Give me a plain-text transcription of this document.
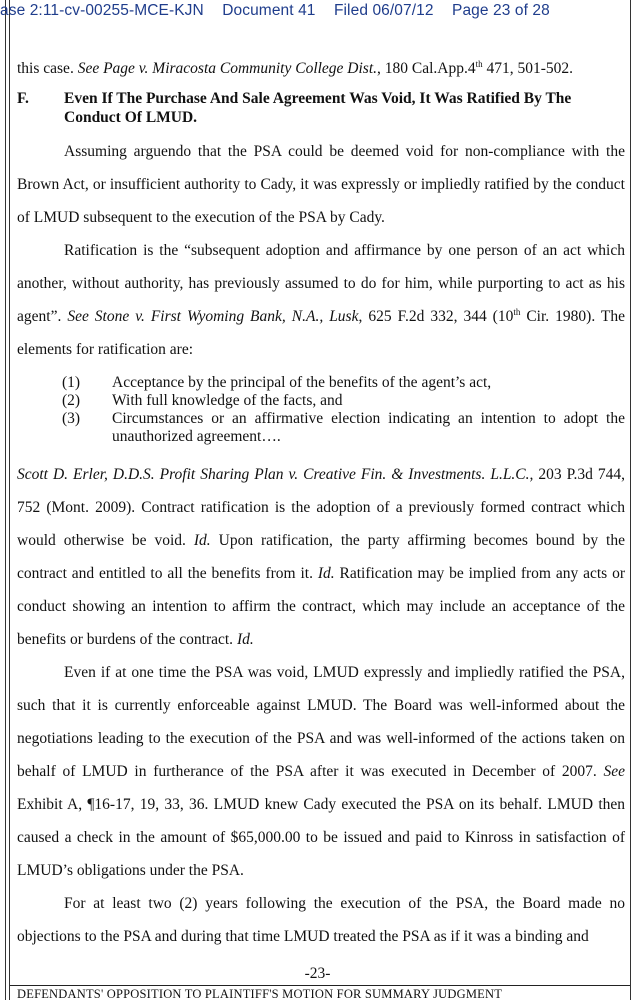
ase 2:11-cv-00255-MCE-KJN Document 41 Filed 06/07/12 Page 23 of 28

this case. See Page v. Miracosta Community College Dist., 180 Cal.App.4th 471, 501-502.

F.	Even If The Purchase And Sale Agreement Was Void, It Was Ratified By The Conduct Of LMUD.

Assuming arguendo that the PSA could be deemed void for non-compliance with the Brown Act, or insufficient authority to Cady, it was expressly or impliedly ratified by the conduct of LMUD subsequent to the execution of the PSA by Cady.

Ratification is the “subsequent adoption and affirmance by one person of an act which another, without authority, has previously assumed to do for him, while purporting to act as his agent”. See Stone v. First Wyoming Bank, N.A., Lusk, 625 F.2d 332, 344 (10th Cir. 1980). The elements for ratification are:

(1)	Acceptance by the principal of the benefits of the agent’s act,
(2)	With full knowledge of the facts, and
(3)	Circumstances or an affirmative election indicating an intention to adopt the unauthorized agreement….

Scott D. Erler, D.D.S. Profit Sharing Plan v. Creative Fin. & Investments. L.L.C., 203 P.3d 744, 752 (Mont. 2009). Contract ratification is the adoption of a previously formed contract which would otherwise be void. Id. Upon ratification, the party affirming becomes bound by the contract and entitled to all the benefits from it. Id. Ratification may be implied from any acts or conduct showing an intention to affirm the contract, which may include an acceptance of the benefits or burdens of the contract. Id.

Even if at one time the PSA was void, LMUD expressly and impliedly ratified the PSA, such that it is currently enforceable against LMUD. The Board was well-informed about the negotiations leading to the execution of the PSA and was well-informed of the actions taken on behalf of LMUD in furtherance of the PSA after it was executed in December of 2007. See Exhibit A, ¶16-17, 19, 33, 36. LMUD knew Cady executed the PSA on its behalf. LMUD then caused a check in the amount of $65,000.00 to be issued and paid to Kinross in satisfaction of LMUD’s obligations under the PSA.

For at least two (2) years following the execution of the PSA, the Board made no objections to the PSA and during that time LMUD treated the PSA as if it was a binding and

-23-
DEFENDANTS' OPPOSITION TO PLAINTIFF'S MOTION FOR SUMMARY JUDGMENT
